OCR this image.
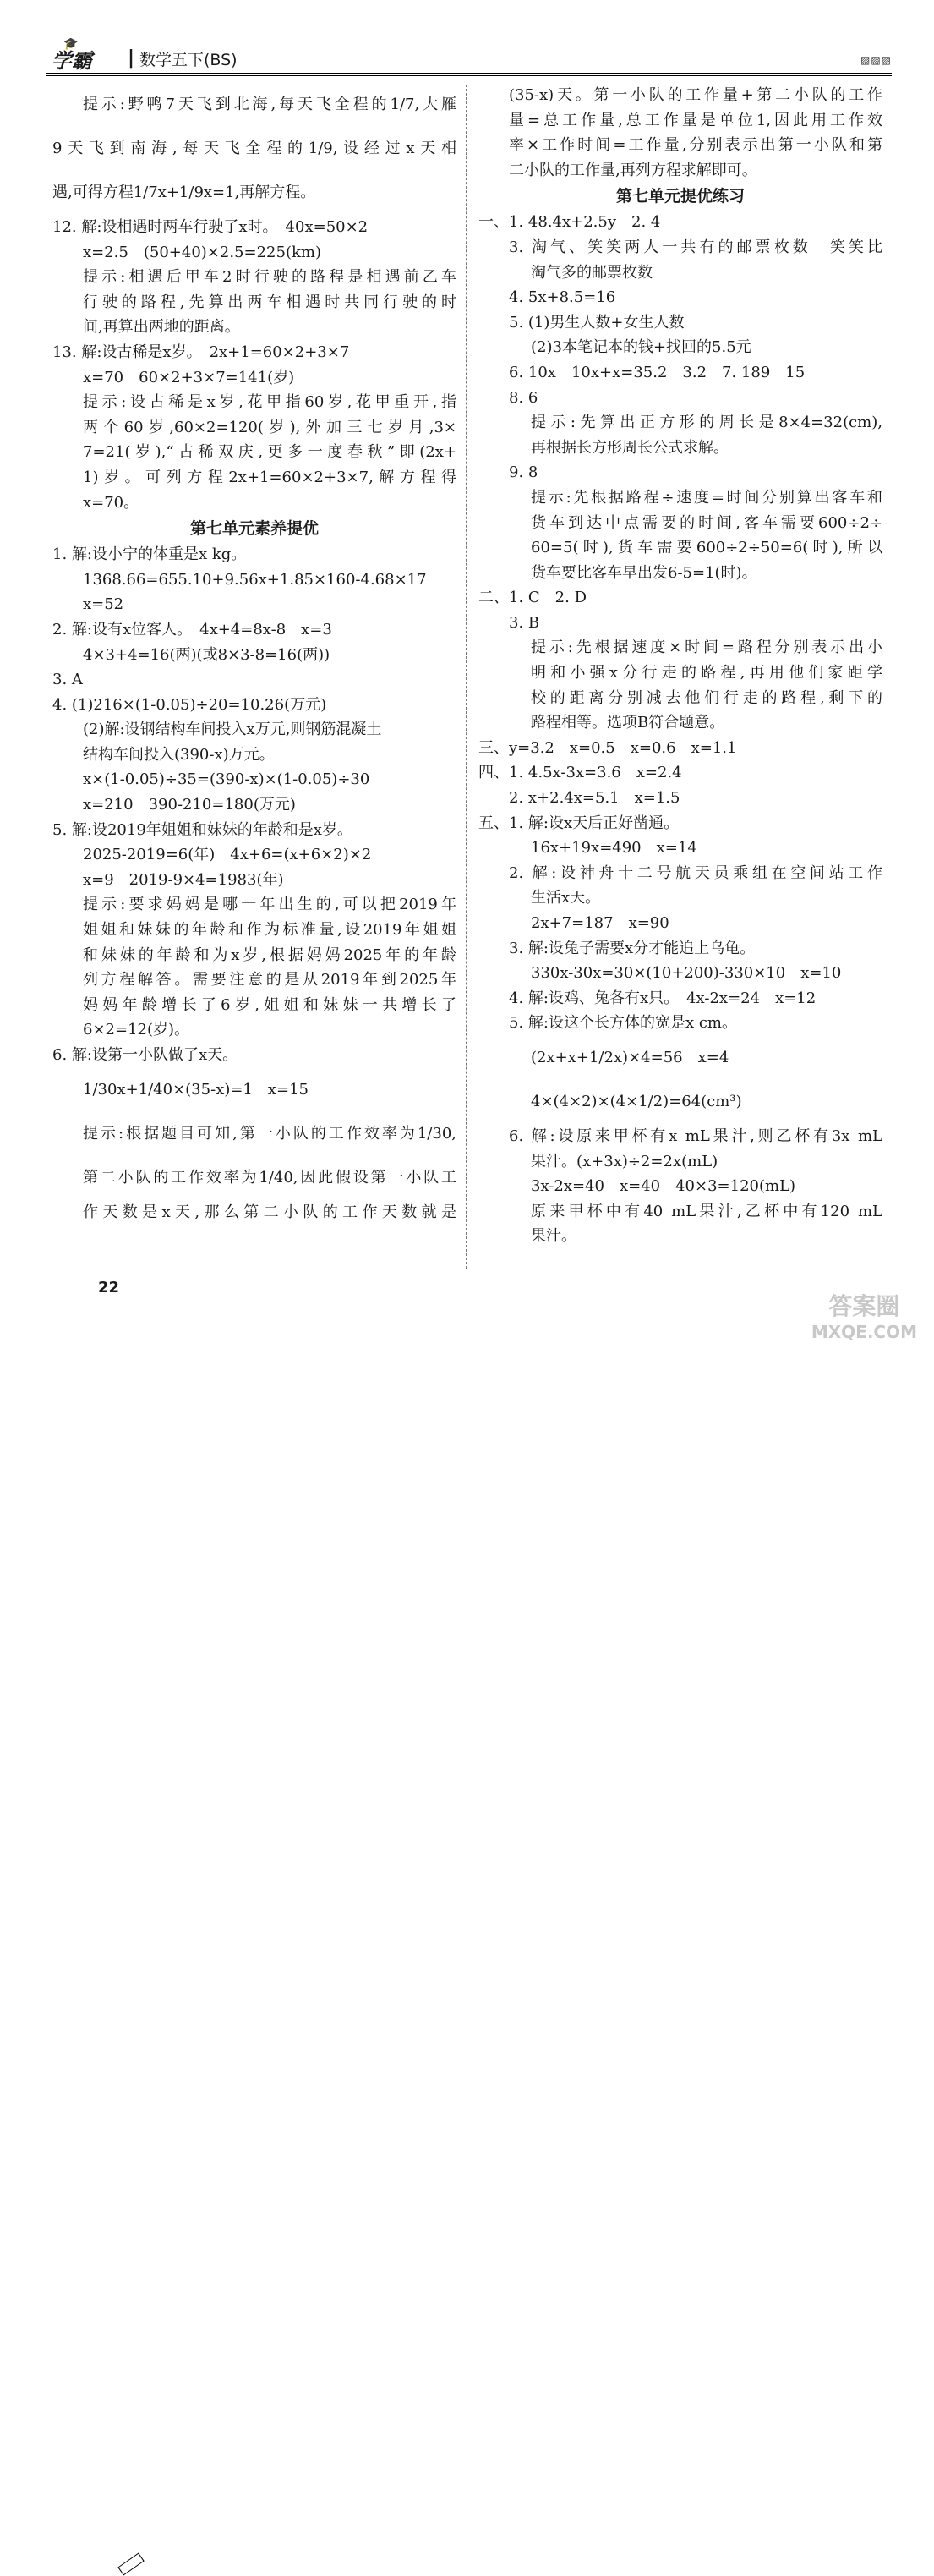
🎓
学霸 | 数学五下(BS)	▨▨▨
提示:野鸭7天飞到北海,每天飞全程的1/7,大雁
9天飞到南海,每天飞全程的1/9,设经过x天相
遇,可得方程1/7x+1/9x=1,再解方程。
12. 解:设相遇时两车行驶了x时。　40x=50×2
x=2.5　(50+40)×2.5=225(km)
提示:相遇后甲车2时行驶的路程是相遇前乙车
行驶的路程,先算出两车相遇时共同行驶的时
间,再算出两地的距离。
13. 解:设古稀是x岁。　2x+1=60×2+3×7
x=70　60×2+3×7=141(岁)
提示:设古稀是x岁,花甲指60岁,花甲重开,指
两个60岁,60×2=120(岁),外加三七岁月,3×
7=21(岁),“古稀双庆,更多一度春秋”即(2x+
1)岁。可列方程2x+1=60×2+3×7,解方程得
x=70。
第七单元素养提优
1. 解:设小宁的体重是x kg。
1368.66=655.10+9.56x+1.85×160-4.68×17
x=52
2. 解:设有x位客人。　4x+4=8x-8　x=3
4×3+4=16(两)(或8×3-8=16(两))
3. A
4. (1)216×(1-0.05)÷20=10.26(万元)
(2)解:设钢结构车间投入x万元,则钢筋混凝土
结构车间投入(390-x)万元。
x×(1-0.05)÷35=(390-x)×(1-0.05)÷30
x=210　390-210=180(万元)
5. 解:设2019年姐姐和妹妹的年龄和是x岁。
2025-2019=6(年)　4x+6=(x+6×2)×2
x=9　2019-9×4=1983(年)
提示:要求妈妈是哪一年出生的,可以把2019年
姐姐和妹妹的年龄和作为标准量,设2019年姐姐
和妹妹的年龄和为x岁,根据妈妈2025年的年龄
列方程解答。需要注意的是从2019年到2025年
妈妈年龄增长了6岁,姐姐和妹妹一共增长了
6×2=12(岁)。
6. 解:设第一小队做了x天。
1/30x+1/40×(35-x)=1　x=15
提示:根据题目可知,第一小队的工作效率为1/30,
第二小队的工作效率为1/40,因此假设第一小队工
作天数是x天,那么第二小队的工作天数就是
(35-x)天。第一小队的工作量+第二小队的工作
量=总工作量,总工作量是单位1,因此用工作效
率×工作时间=工作量,分别表示出第一小队和第
二小队的工作量,再列方程求解即可。
第七单元提优练习
一、1. 48.4x+2.5y　2. 4
3. 淘气、笑笑两人一共有的邮票枚数　笑笑比
淘气多的邮票枚数
4. 5x+8.5=16
5. (1)男生人数+女生人数
(2)3本笔记本的钱+找回的5.5元
6. 10x　10x+x=35.2　3.2　7. 189　15
8. 6
提示:先算出正方形的周长是8×4=32(cm),
再根据长方形周长公式求解。
9. 8
提示:先根据路程÷速度=时间分别算出客车和
货车到达中点需要的时间,客车需要600÷2÷
60=5(时),货车需要600÷2÷50=6(时),所以
货车要比客车早出发6-5=1(时)。
二、1. C　2. D
3. B
提示:先根据速度×时间=路程分别表示出小
明和小强x分行走的路程,再用他们家距学
校的距离分别减去他们行走的路程,剩下的
路程相等。选项B符合题意。
三、y=3.2　x=0.5　x=0.6　x=1.1
四、1. 4.5x-3x=3.6　x=2.4
2. x+2.4x=5.1　x=1.5
五、1. 解:设x天后正好凿通。
16x+19x=490　x=14
2. 解:设神舟十二号航天员乘组在空间站工作
生活x天。
2x+7=187　x=90
3. 解:设兔子需要x分才能追上乌龟。
330x-30x=30×(10+200)-330×10　x=10
4. 解:设鸡、兔各有x只。　4x-2x=24　x=12
5. 解:设这个长方体的宽是x cm。
(2x+x+1/2x)×4=56　x=4
4×(4×2)×(4×1/2)=64(cm³)
6. 解:设原来甲杯有x mL果汁,则乙杯有3x mL
果汁。(x+3x)÷2=2x(mL)
3x-2x=40　x=40　40×3=120(mL)
原来甲杯中有40 mL果汁,乙杯中有120 mL
果汁。
22
答案圈
MXQE.COM
